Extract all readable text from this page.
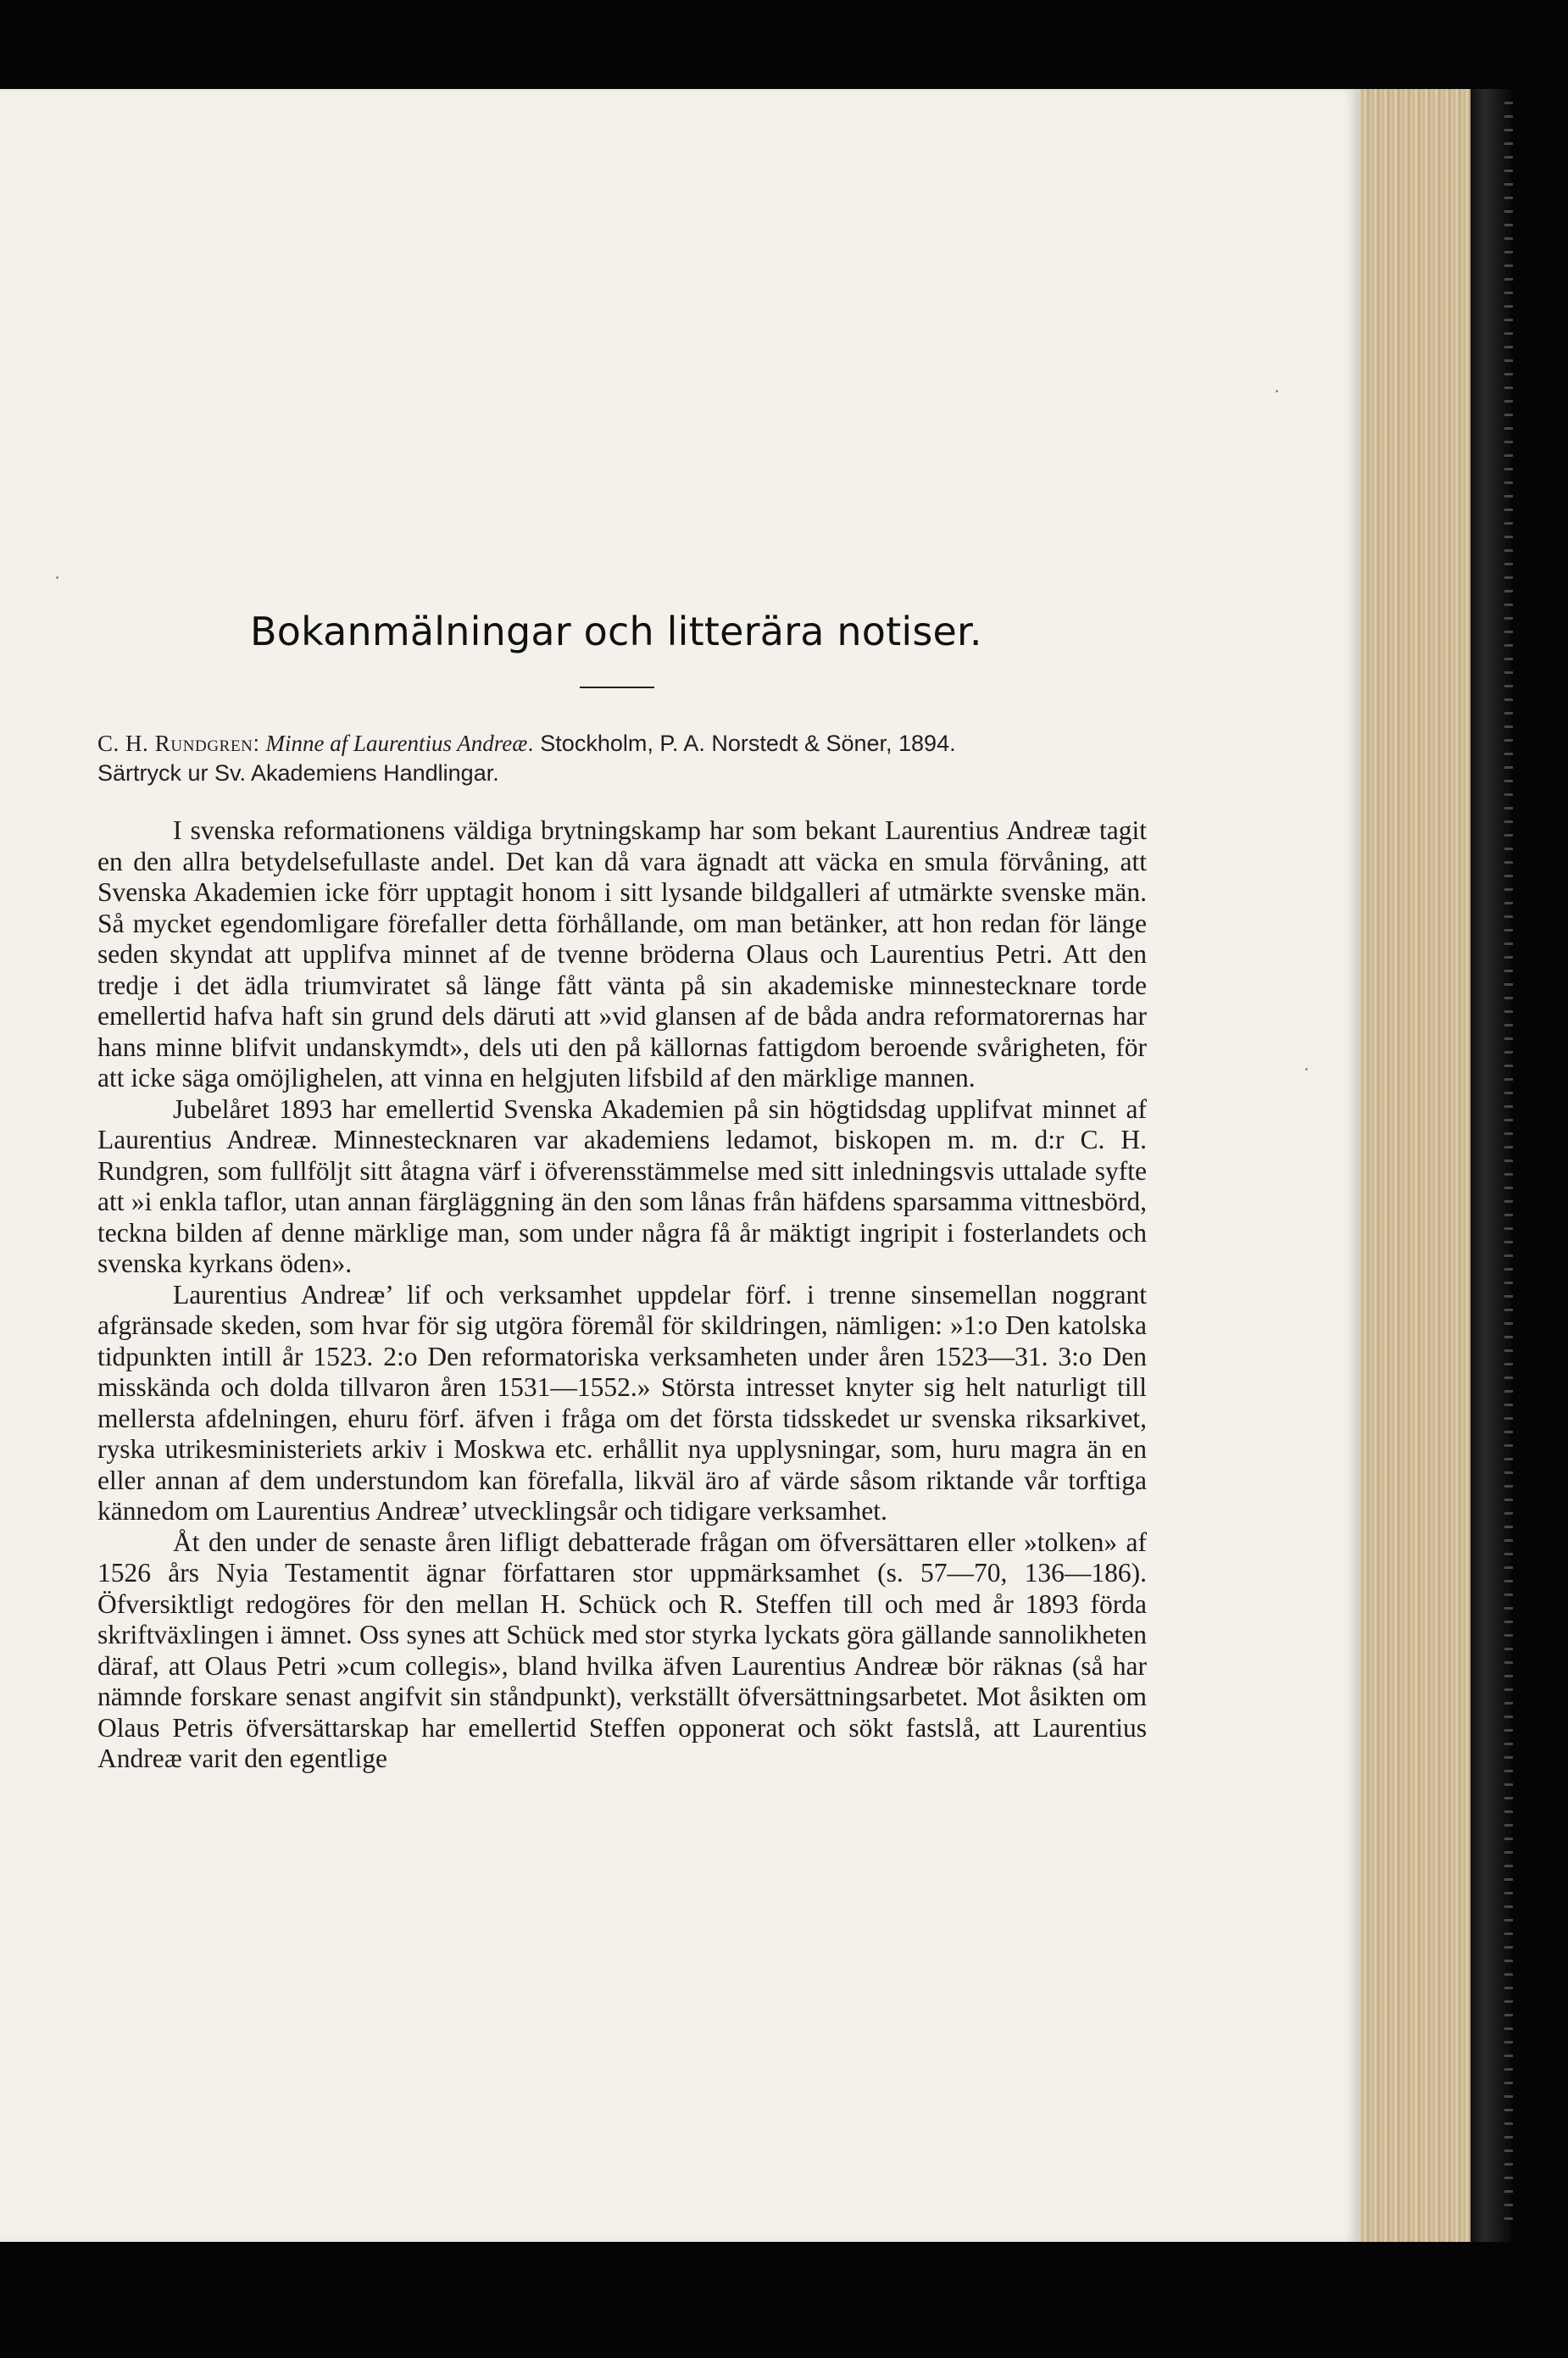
Bokanmälningar och litterära notiser.
C. H. Rundgren: Minne af Laurentius Andreæ. Stockholm, P. A. Norstedt & Söner, 1894.
Särtryck ur Sv. Akademiens Handlingar.

I svenska reformationens väldiga brytningskamp har som bekant Laurentius Andreæ tagit en den allra betydelsefullaste andel. Det kan då vara ägnadt att väcka en smula förvåning, att Svenska Akademien icke förr upptagit honom i sitt lysande bildgalleri af utmärkte svenske män. Så mycket egendomligare förefaller detta förhållande, om man betänker, att hon redan för länge seden skyndat att upplifva minnet af de tvenne bröderna Olaus och Laurentius Petri. Att den tredje i det ädla triumviratet så länge fått vänta på sin akademiske minnestecknare torde emellertid hafva haft sin grund dels däruti att »vid glansen af de båda andra reformatorernas har hans minne blifvit undanskymdt», dels uti den på källornas fattigdom beroende svårigheten, för att icke säga omöjlighelen, att vinna en helgjuten lifsbild af den märklige mannen.

Jubelåret 1893 har emellertid Svenska Akademien på sin högtidsdag upplifvat minnet af Laurentius Andreæ. Minnestecknaren var akademiens ledamot, biskopen m. m. d:r C. H. Rundgren, som fullföljt sitt åtagna värf i öfverensstämmelse med sitt inledningsvis uttalade syfte att »i enkla taflor, utan annan färgläggning än den som lånas från häfdens sparsamma vittnesbörd, teckna bilden af denne märklige man, som under några få år mäktigt ingripit i fosterlandets och svenska kyrkans öden».

Laurentius Andreæ’ lif och verksamhet uppdelar förf. i trenne sinsemellan noggrant afgränsade skeden, som hvar för sig utgöra föremål för skildringen, nämligen: »1:o Den katolska tidpunkten intill år 1523. 2:o Den reformatoriska verksamheten under åren 1523—31. 3:o Den misskända och dolda tillvaron åren 1531—1552.» Största intresset knyter sig helt naturligt till mellersta afdelningen, ehuru förf. äfven i fråga om det första tidsskedet ur svenska riksarkivet, ryska utrikesministeriets arkiv i Moskwa etc. erhållit nya upplysningar, som, huru magra än en eller annan af dem understundom kan förefalla, likväl äro af värde såsom riktande vår torftiga kännedom om Laurentius Andreæ’ utvecklingsår och tidigare verksamhet.

Åt den under de senaste åren lifligt debatterade frågan om öfversättaren eller »tolken» af 1526 års Nyia Testamentit ägnar författaren stor uppmärksamhet (s. 57—70, 136—186). Öfversiktligt redogöres för den mellan H. Schück och R. Steffen till och med år 1893 förda skriftväxlingen i ämnet. Oss synes att Schück med stor styrka lyckats göra gällande sannolikheten däraf, att Olaus Petri »cum collegis», bland hvilka äfven Laurentius Andreæ bör räknas (så har nämnde forskare senast angifvit sin ståndpunkt), verkställt öfversättningsarbetet. Mot åsikten om Olaus Petris öfversättarskap har emellertid Steffen opponerat och sökt fastslå, att Laurentius Andreæ varit den egentlige
